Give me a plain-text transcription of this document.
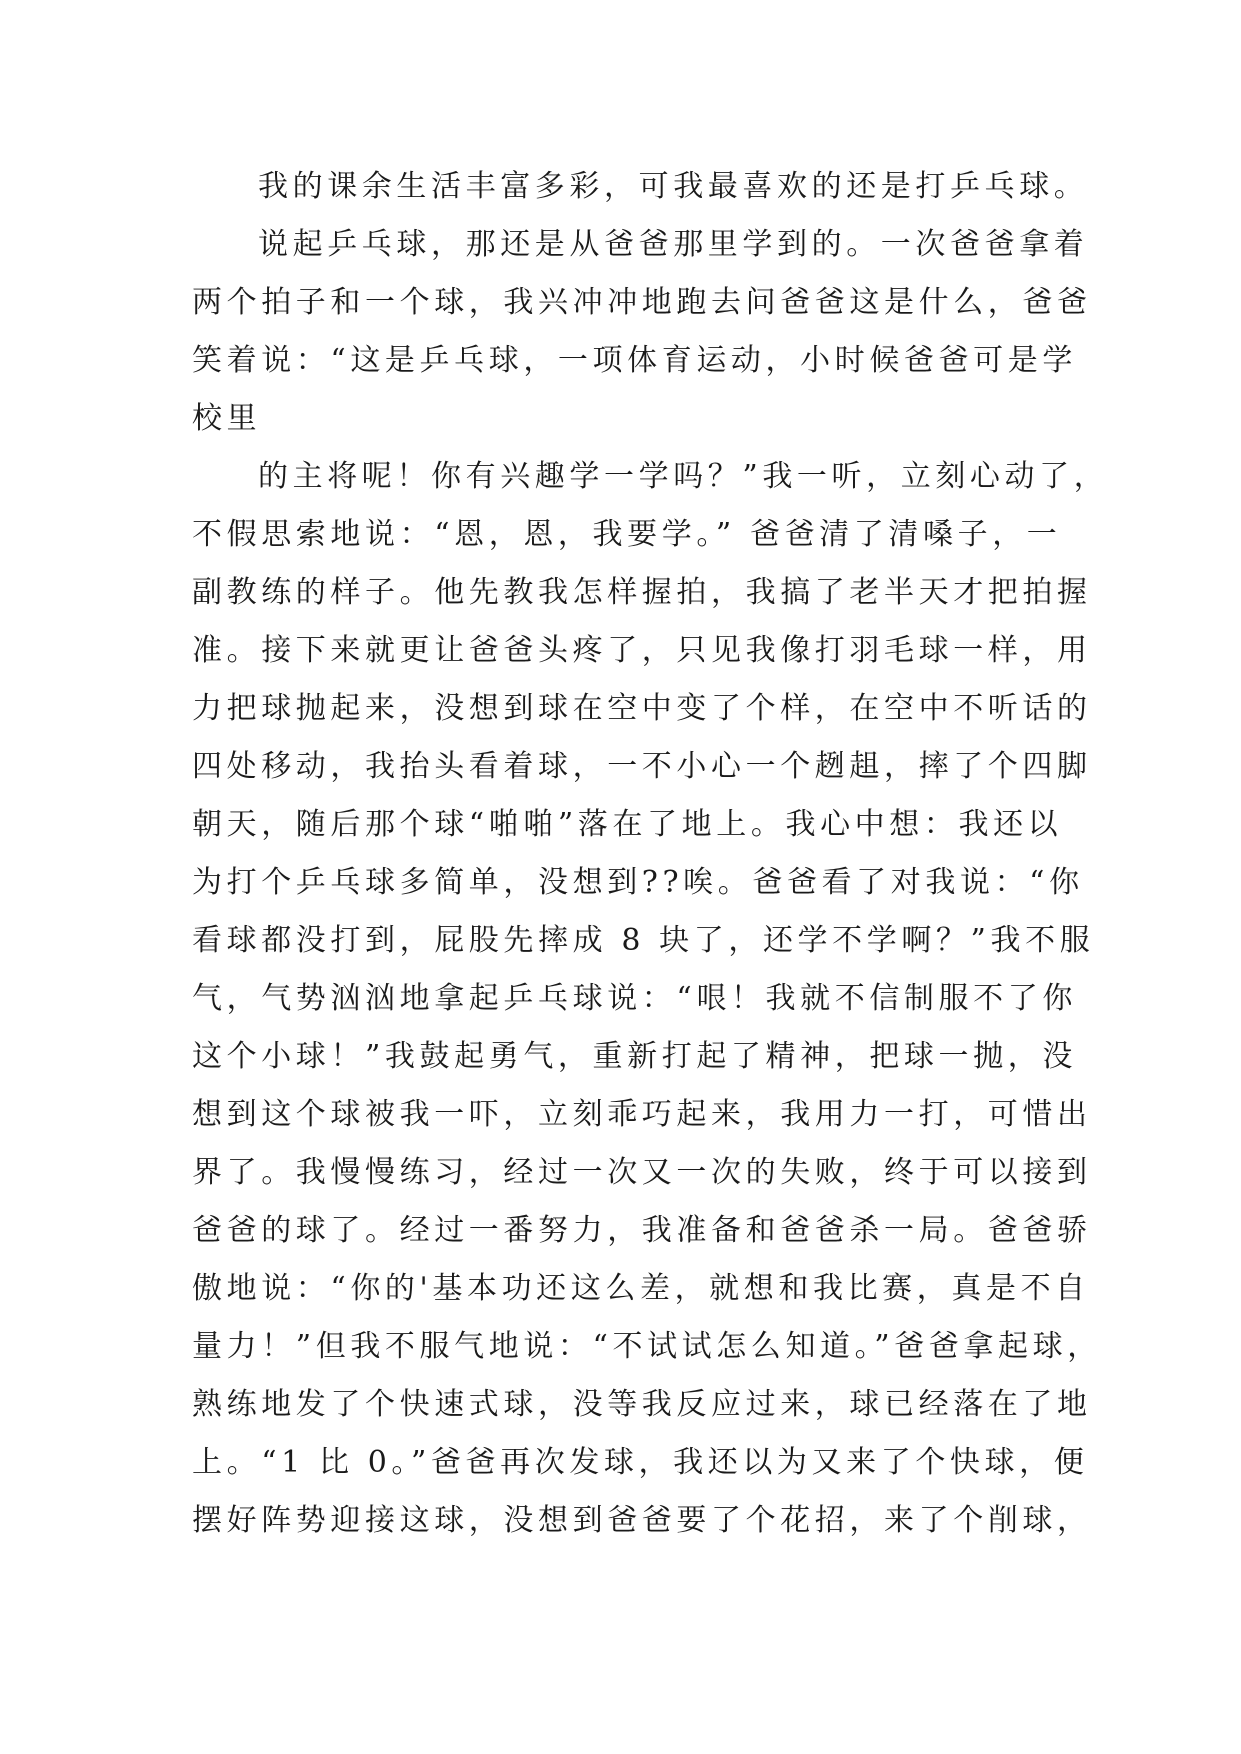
我的课余生活丰富多彩，可我最喜欢的还是打乒乓球。
说起乒乓球，那还是从爸爸那里学到的。一次爸爸拿着
两个拍子和一个球，我兴冲冲地跑去问爸爸这是什么，爸爸
笑着说：“这是乒乓球，一项体育运动，小时候爸爸可是学
校里
的主将呢！你有兴趣学一学吗？”我一听，立刻心动了，
不假思索地说：“恩，恩，我要学。” 爸爸清了清嗓子，一
副教练的样子。他先教我怎样握拍，我搞了老半天才把拍握
准。接下来就更让爸爸头疼了，只见我像打羽毛球一样，用
力把球抛起来，没想到球在空中变了个样，在空中不听话的
四处移动，我抬头看着球，一不小心一个趔趄，摔了个四脚
朝天，随后那个球“啪啪”落在了地上。我心中想：我还以
为打个乒乓球多简单，没想到??唉。爸爸看了对我说：“你
看球都没打到，屁股先摔成 8 块了，还学不学啊？”我不服
气，气势汹汹地拿起乒乓球说：“哏！我就不信制服不了你
这个小球！”我鼓起勇气，重新打起了精神，把球一抛，没
想到这个球被我一吓，立刻乖巧起来，我用力一打，可惜出
界了。我慢慢练习，经过一次又一次的失败，终于可以接到
爸爸的球了。经过一番努力，我准备和爸爸杀一局。爸爸骄
傲地说：“你的'基本功还这么差，就想和我比赛，真是不自
量力！”但我不服气地说：“不试试怎么知道。”爸爸拿起球，
熟练地发了个快速式球，没等我反应过来，球已经落在了地
上。“1 比 0。”爸爸再次发球，我还以为又来了个快球，便
摆好阵势迎接这球，没想到爸爸要了个花招，来了个削球，
